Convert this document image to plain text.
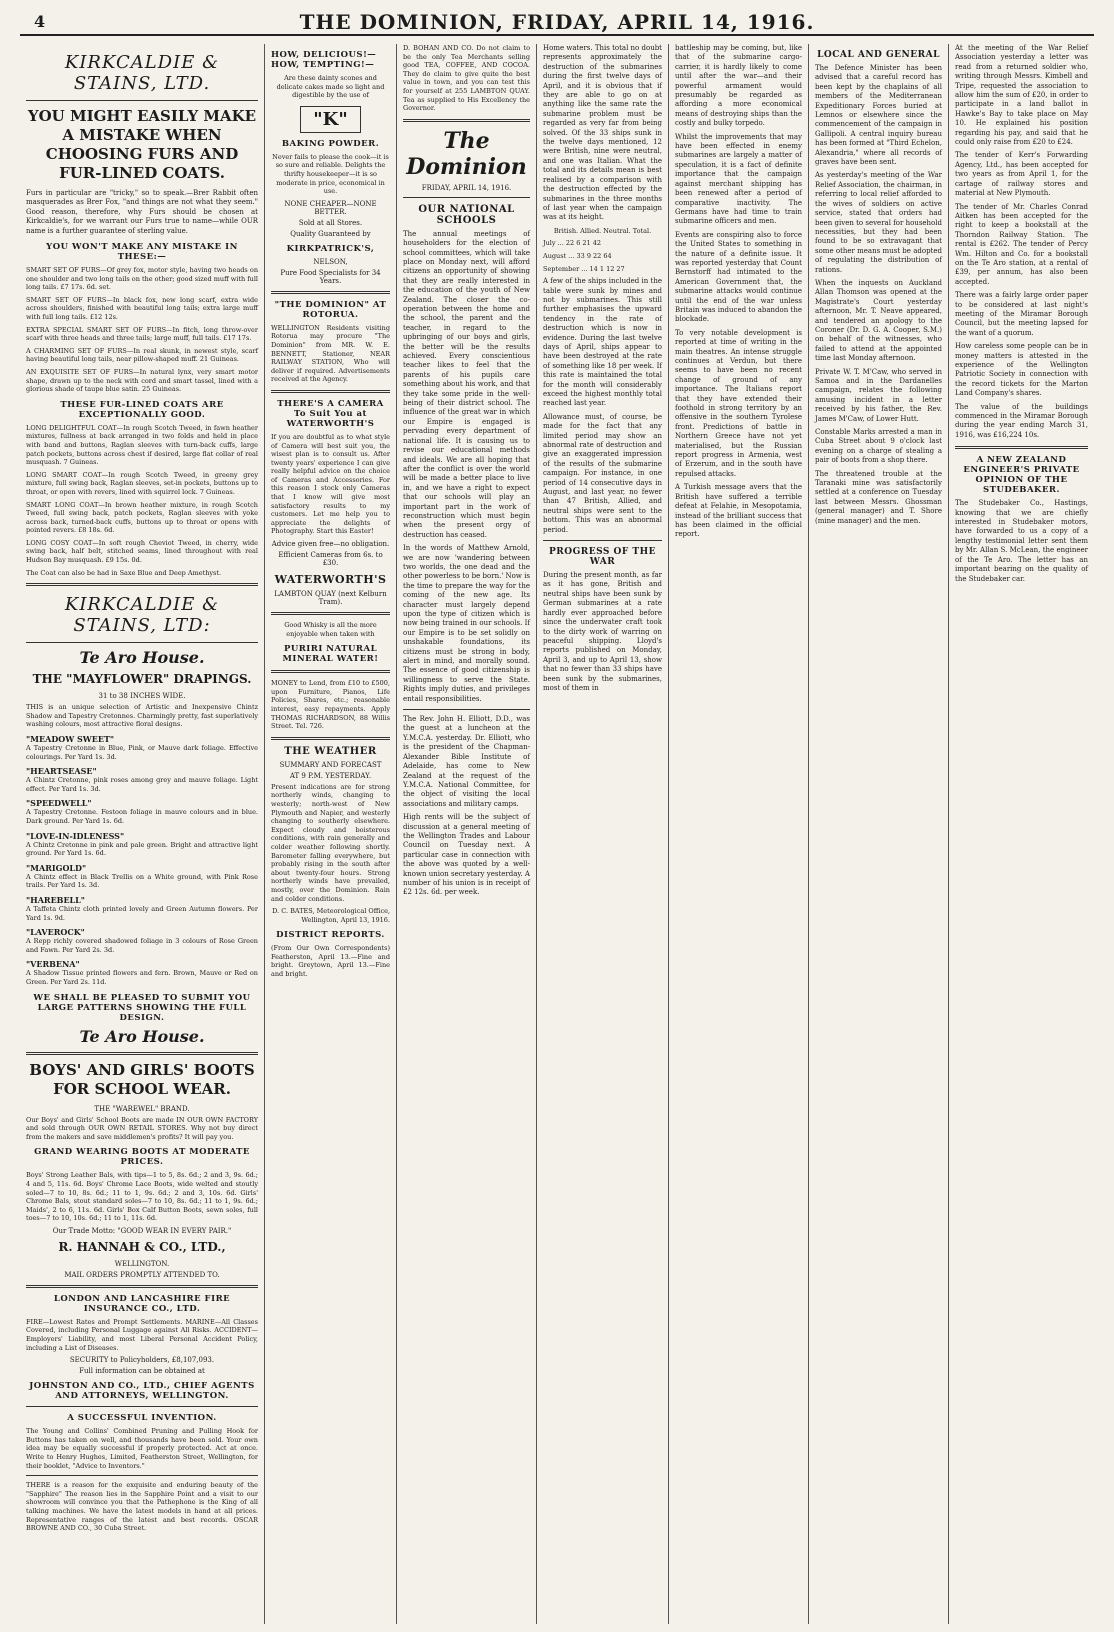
4	THE DOMINION, FRIDAY, APRIL 14, 1916.
KIRKCALDIE & STAINS, LTD.
YOU MIGHT EASILY MAKE A MISTAKE WHEN CHOOSING FURS AND FUR-LINED COATS.
Furs in particular are "tricky," so to speak.—Brer Rabbit often masquerades as Brer Fox, "and things are not what they seem." Good reason, therefore, why Furs should be chosen at Kirkcaldie's, for we warrant our Furs true to name—while OUR name is a further guarantee of sterling value.
YOU WON'T MAKE ANY MISTAKE IN THESE:—
SMART SET OF FURS—Of grey fox, motor style, having two heads on one shoulder and two long tails on the other; good sized muff with full long tails. £7 17s. 6d. set.
SMART SET OF FURS—In black fox, new long scarf, extra wide across shoulders, finished with beautiful long tails; extra large muff with full long tails. £12 12s.
EXTRA SPECIAL SMART SET OF FURS—In fitch, long throw-over scarf with three heads and three tails; large muff, full tails. £17 17s.
A CHARMING SET OF FURS—In real skunk, in newest style, scarf having beautiful long tails, near pillow-shaped muff. 21 Guineas.
AN EXQUISITE SET OF FURS—In natural lynx, very smart motor shape, drawn up to the neck with cord and smart tassel, lined with a glorious shade of taupe blue satin. 25 Guineas.
THESE FUR-LINED COATS ARE EXCEPTIONALLY GOOD.
LONG DELIGHTFUL COAT—In rough Scotch Tweed, in fawn heather mixtures, fullness at back arranged in two folds and held in place with band and buttons, Raglan sleeves with turn-back cuffs, large patch pockets, buttons across chest if desired, large flat collar of real musquash. 7 Guineas.
LONG SMART COAT—In rough Scotch Tweed, in greeny grey mixture, full swing back, Raglan sleeves, set-in pockets, buttons up to throat, or open with revers, lined with squirrel lock. 7 Guineas.
SMART LONG COAT—In brown heather mixture, in rough Scotch Tweed, full swing back, patch pockets, Raglan sleeves with yoke across back, turned-back cuffs, buttons up to throat or opens with pointed revers. £8 18s. 6d.
LONG COSY COAT—In soft rough Cheviot Tweed, in cherry, wide swing back, half belt, stitched seams, lined throughout with real Hudson Bay musquash. £9 15s. 0d.
The Coat can also be had in Saxe Blue and Deep Amethyst.
KIRKCALDIE & STAINS, LTD:
Te Aro House.
THE "MAYFLOWER" DRAPINGS.
31 to 38 INCHES WIDE.
THIS is an unique selection of Artistic and Inexpensive Chintz Shadow and Tapestry Cretonnes. Charmingly pretty, fast superlatively washing colours, most attractive floral designs.
"MEADOW SWEET"
A Tapestry Cretonne in Blue, Pink, or Mauve dark foliage. Effective colourings. Per Yard 1s. 3d.
"HEARTSEASE"
A Chintz Cretonne, pink roses among grey and mauve foliage. Light effect. Per Yard 1s. 3d.
"SPEEDWELL"
A Tapestry Cretonne. Festoon foliage in mauve colours and in blue. Dark ground. Per Yard 1s. 6d.
"LOVE-IN-IDLENESS"
A Chintz Cretonne in pink and pale green. Bright and attractive light ground. Per Yard 1s. 6d.
"MARIGOLD"
A Chintz effect in Black Trellis on a White ground, with Pink Rose trails. Per Yard 1s. 3d.
"HAREBELL"
A Taffeta Chintz cloth printed lovely and Green Autumn flowers. Per Yard 1s. 9d.
"LAVEROCK"
A Repp richly covered shadowed foliage in 3 colours of Rose Green and Fawn. Per Yard 2s. 3d.
"VERBENA"
A Shadow Tissue printed flowers and fern. Brown, Mauve or Red on Green. Per Yard 2s. 11d.
WE SHALL BE PLEASED TO SUBMIT YOU LARGE PATTERNS SHOWING THE FULL DESIGN.
Te Aro House.
BOYS' AND GIRLS' BOOTS FOR SCHOOL WEAR.
THE "WAREWEL" BRAND.
Our Boys' and Girls' School Boots are made IN OUR OWN FACTORY and sold through OUR OWN RETAIL STORES. Why not buy direct from the makers and save middlemen's profits? It will pay you.
GRAND WEARING BOOTS AT MODERATE PRICES.
Boys' Strong Leather Bals, with tips—1 to 5, 8s. 6d.; 2 and 3, 9s. 6d.; 4 and 5, 11s. 6d. Boys' Chrome Lace Boots, wide welted and stoutly soled—7 to 10, 8s. 6d.; 11 to 1, 9s. 6d.; 2 and 3, 10s. 6d. Girls' Chrome Bals, stout standard soles—7 to 10, 8s. 6d.; 11 to 1, 9s. 6d.; Maids', 2 to 6, 11s. 6d. Girls' Box Calf Button Boots, sewn soles, full toes—7 to 10, 10s. 6d.; 11 to 1, 11s. 6d.
Our Trade Motto: "GOOD WEAR IN EVERY PAIR."
R. HANNAH & CO., LTD.,
WELLINGTON.
MAIL ORDERS PROMPTLY ATTENDED TO.
LONDON AND LANCASHIRE FIRE INSURANCE CO., LTD.
FIRE—Lowest Rates and Prompt Settlements. MARINE—All Classes Covered, including Personal Luggage against All Risks. ACCIDENT—Employers' Liability, and most Liberal Personal Accident Policy, including a List of Diseases.
SECURITY to Policyholders, £8,107,093.
Full information can be obtained at
JOHNSTON AND CO., LTD., CHIEF AGENTS AND ATTORNEYS, WELLINGTON.
A SUCCESSFUL INVENTION.
The Young and Collins' Combined Pruning and Pulling Hook for Buttons has taken on well, and thousands have been sold. Your own idea may be equally successful if properly protected. Act at once. Write to Henry Hughes, Limited, Featherston Street, Wellington, for their booklet, "Advice to Inventors."
THERE is a reason for the exquisite and enduring beauty of the "Sapphire" The reason lies in the Sapphire Point and a visit to our showroom will convince you that the Pathephone is the King of all talking machines. We have the latest models in hand at all prices. Representative ranges of the latest and best records. OSCAR BROWNE AND CO., 30 Cuba Street.
HOW, DELICIOUS!—HOW, TEMPTING!—
Are these dainty scones and delicate cakes made so light and digestible by the use of
"K"
BAKING POWDER.
Never fails to please the cook—it is so sure and reliable. Delights the thrifty housekeeper—it is so moderate in price, economical in use.
NONE CHEAPER—NONE BETTER.
Sold at all Stores.
Quality Guaranteed by
KIRKPATRICK'S,
NELSON,
Pure Food Specialists for 34 Years.
"THE DOMINION" AT ROTORUA.
WELLINGTON Residents visiting Rotorua may procure "The Dominion" from MR. W. E. BENNETT, Stationer, NEAR RAILWAY STATION, Who will deliver if required. Advertisements received at the Agency.
THERE'S A CAMERA To Suit You at WATERWORTH'S
If you are doubtful as to what style of Camera will best suit you, the wisest plan is to consult us. After twenty years' experience I can give really helpful advice on the choice of Cameras and Accessories. For this reason I stock only Cameras that I know will give most satisfactory results to my customers. Let me help you to appreciate the delights of Photography. Start this Easter!
Advice given free—no obligation.
Efficient Cameras from 6s. to £30.
WATERWORTH'S
LAMBTON QUAY (next Kelburn Tram).
Good Whisky is all the more enjoyable when taken with
PURIRI NATURAL MINERAL WATER!
MONEY to Lend, from £10 to £500, upon Furniture, Pianos, Life Policies, Shares, etc.; reasonable interest, easy repayments. Apply THOMAS RICHARDSON, 88 Willis Street. Tel. 726.
THE WEATHER
SUMMARY AND FORECAST
AT 9 P.M. YESTERDAY.
Present indications are for strong northerly winds, changing to westerly; north-west of New Plymouth and Napier, and westerly changing to southerly elsewhere. Expect cloudy and boisterous conditions, with rain generally and colder weather following shortly. Barometer falling everywhere, but probably rising in the south after about twenty-four hours. Strong northerly winds have prevailed, mostly, over the Dominion. Rain and colder conditions.
D. C. BATES, Meteorological Office, Wellington, April 13, 1916.
DISTRICT REPORTS.
(From Our Own Correspondents) Featherston, April 13.—Fine and bright. Greytown, April 13.—Fine and bright.
D. BOHAN AND CO. Do not claim to be the only Tea Merchants selling good TEA, COFFEE, AND COCOA. They do claim to give quite the best value in town, and you can test this for yourself at 255 LAMBTON QUAY. Tea as supplied to His Excellency the Governor.
The Dominion
FRIDAY, APRIL 14, 1916.
OUR NATIONAL SCHOOLS
The annual meetings of householders for the election of school committees, which will take place on Monday next, will afford citizens an opportunity of showing that they are really interested in the education of the youth of New Zealand. The closer the co-operation between the home and the school, the parent and the teacher, in regard to the upbringing of our boys and girls, the better will be the results achieved. Every conscientious teacher likes to feel that the parents of his pupils care something about his work, and that they take some pride in the well-being of their district school. The influence of the great war in which our Empire is engaged is pervading every department of national life. It is causing us to revise our educational methods and ideals. We are all hoping that after the conflict is over the world will be made a better place to live in, and we have a right to expect that our schools will play an important part in the work of reconstruction which must begin when the present orgy of destruction has ceased.
In the words of Matthew Arnold, we are now 'wandering between two worlds, the one dead and the other powerless to be born.' Now is the time to prepare the way for the coming of the new age. Its character must largely depend upon the type of citizen which is now being trained in our schools. If our Empire is to be set solidly on unshakable foundations, its citizens must be strong in body, alert in mind, and morally sound. The essence of good citizenship is willingness to serve the State. Rights imply duties, and privileges entail responsibilities.
The Rev. John H. Elliott, D.D., was the guest at a luncheon at the Y.M.C.A. yesterday. Dr. Elliott, who is the president of the Chapman-Alexander Bible Institute of Adelaide, has come to New Zealand at the request of the Y.M.C.A. National Committee, for the object of visiting the local associations and military camps.
High rents will be the subject of discussion at a general meeting of the Wellington Trades and Labour Council on Tuesday next. A particular case in connection with the above was quoted by a well-known union secretary yesterday. A number of his union is in receipt of £2 12s. 6d. per week.
Home waters. This total no doubt represents approximately the destruction of the submarines during the first twelve days of April, and it is obvious that if they are able to go on at anything like the same rate the submarine problem must be regarded as very far from being solved. Of the 33 ships sunk in the twelve days mentioned, 12 were British, nine were neutral, and one was Italian. What the total and its details mean is best realised by a comparison with the destruction effected by the submarines in the three months of last year when the campaign was at its height.
British. Allied. Neutral. Total.
July ... 22 6 21 42
August ... 33 9 22 64
September ... 14 1 12 27
A few of the ships included in the table were sunk by mines and not by submarines. This still further emphasises the upward tendency in the rate of destruction which is now in evidence. During the last twelve days of April, ships appear to have been destroyed at the rate of something like 18 per week. If this rate is maintained the total for the month will considerably exceed the highest monthly total reached last year.
Allowance must, of course, be made for the fact that any limited period may show an abnormal rate of destruction and give an exaggerated impression of the results of the submarine campaign. For instance, in one period of 14 consecutive days in August, and last year, no fewer than 47 British, Allied, and neutral ships were sent to the bottom. This was an abnormal period.
PROGRESS OF THE WAR
During the present month, as far as it has gone, British and neutral ships have been sunk by German submarines at a rate hardly ever approached before since the underwater craft took to the dirty work of warring on peaceful shipping. Lloyd's reports published on Monday, April 3, and up to April 13, show that no fewer than 33 ships have been sunk by the submarines, most of them in
battleship may be coming, but, like that of the submarine cargo-carrier, it is hardly likely to come until after the war—and their powerful armament would presumably be regarded as affording a more economical means of destroying ships than the costly and bulky torpedo.
Whilst the improvements that may have been effected in enemy submarines are largely a matter of speculation, it is a fact of definite importance that the campaign against merchant shipping has been renewed after a period of comparative inactivity. The Germans have had time to train submarine officers and men.
Events are conspiring also to force the United States to something in the nature of a definite issue. It was reported yesterday that Count Bernstorff had intimated to the American Government that, the submarine attacks would continue until the end of the war unless Britain was induced to abandon the blockade.
To very notable development is reported at time of writing in the main theatres. An intense struggle continues at Verdun, but there seems to have been no recent change of ground of any importance. The Italians report that they have extended their foothold in strong territory by an offensive in the southern Tyrolese front. Predictions of battle in Northern Greece have not yet materialised, but the Russian report progress in Armenia, west of Erzerum, and in the south have repulsed attacks.
A Turkish message avers that the British have suffered a terrible defeat at Felahie, in Mesopotamia, instead of the brilliant success that has been claimed in the official report.
LOCAL AND GENERAL
The Defence Minister has been advised that a careful record has been kept by the chaplains of all members of the Mediterranean Expeditionary Forces buried at Lemnos or elsewhere since the commencement of the campaign in Gallipoli. A central inquiry bureau has been formed at "Third Echelon, Alexandria," where all records of graves have been sent.
As yesterday's meeting of the War Relief Association, the chairman, in referring to local relief afforded to the wives of soldiers on active service, stated that orders had been given to several for household necessities, but they had been found to be so extravagant that some other means must be adopted of regulating the distribution of rations.
When the inquests on Auckland Allan Thomson was opened at the Magistrate's Court yesterday afternoon, Mr. T. Neave appeared, and tendered an apology to the Coroner (Dr. D. G. A. Cooper, S.M.) on behalf of the witnesses, who failed to attend at the appointed time last Monday afternoon.
Private W. T. M'Caw, who served in Samoa and in the Dardanelles campaign, relates the following amusing incident in a letter received by his father, the Rev. James M'Caw, of Lower Hutt.
Constable Marks arrested a man in Cuba Street about 9 o'clock last evening on a charge of stealing a pair of boots from a shop there.
The threatened trouble at the Taranaki mine was satisfactorily settled at a conference on Tuesday last between Messrs. Ghossman (general manager) and T. Shore (mine manager) and the men.
At the meeting of the War Relief Association yesterday a letter was read from a returned soldier who, writing through Messrs. Kimbell and Tripe, requested the association to allow him the sum of £20, in order to participate in a land ballot in Hawke's Bay to take place on May 10. He explained his position regarding his pay, and said that he could only raise from £20 to £24.
The tender of Kerr's Forwarding Agency, Ltd., has been accepted for two years as from April 1, for the cartage of railway stores and material at New Plymouth.
The tender of Mr. Charles Conrad Aitken has been accepted for the right to keep a bookstall at the Thorndon Railway Station. The rental is £262. The tender of Percy Wm. Hilton and Co. for a bookstall on the Te Aro station, at a rental of £39, per annum, has also been accepted.
There was a fairly large order paper to be considered at last night's meeting of the Miramar Borough Council, but the meeting lapsed for the want of a quorum.
How careless some people can be in money matters is attested in the experience of the Wellington Patriotic Society in connection with the record tickets for the Marton Land Company's shares.
The value of the buildings commenced in the Miramar Borough during the year ending March 31, 1916, was £16,224 10s.
A NEW ZEALAND ENGINEER'S PRIVATE OPINION OF THE STUDEBAKER.
The Studebaker Co., Hastings, knowing that we are chiefly interested in Studebaker motors, have forwarded to us a copy of a lengthy testimonial letter sent them by Mr. Allan S. McLean, the engineer of the Te Aro. The letter has an important bearing on the quality of the Studebaker car.
